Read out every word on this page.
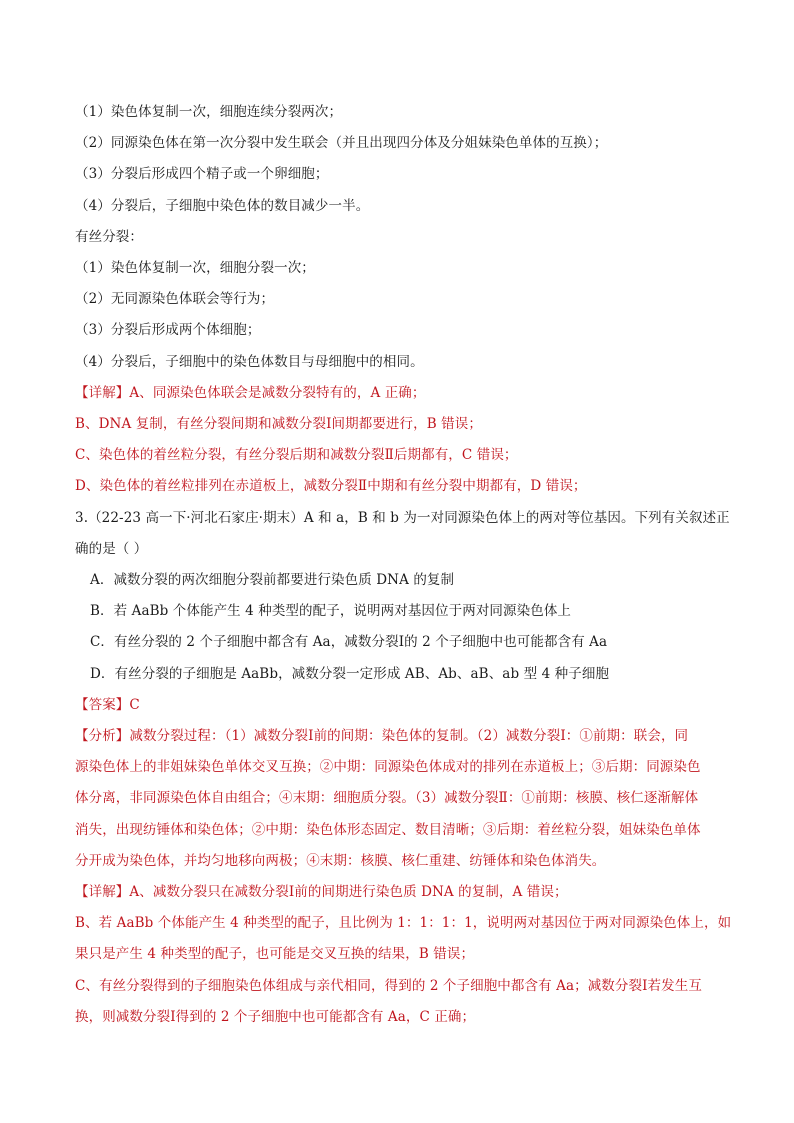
（1）染色体复制一次，细胞连续分裂两次；
（2）同源染色体在第一次分裂中发生联会（并且出现四分体及分姐妹染色单体的互换）；
（3）分裂后形成四个精子或一个卵细胞；
（4）分裂后，子细胞中染色体的数目减少一半。
有丝分裂：
（1）染色体复制一次，细胞分裂一次；
（2）无同源染色体联会等行为；
（3）分裂后形成两个体细胞；
（4）分裂后，子细胞中的染色体数目与母细胞中的相同。
【详解】A、同源染色体联会是减数分裂特有的，A 正确；
B、DNA 复制，有丝分裂间期和减数分裂Ⅰ间期都要进行，B 错误；
C、染色体的着丝粒分裂，有丝分裂后期和减数分裂Ⅱ后期都有，C 错误；
D、染色体的着丝粒排列在赤道板上，减数分裂Ⅱ中期和有丝分裂中期都有，D 错误；
3.（22-23 高一下·河北石家庄·期末）A 和 a，B 和 b 为一对同源染色体上的两对等位基因。下列有关叙述正
确的是（ ）
A．减数分裂的两次细胞分裂前都要进行染色质 DNA 的复制
B．若 AaBb 个体能产生 4 种类型的配子，说明两对基因位于两对同源染色体上
C．有丝分裂的 2 个子细胞中都含有 Aa，减数分裂Ⅰ的 2 个子细胞中也可能都含有 Aa
D．有丝分裂的子细胞是 AaBb，减数分裂一定形成 AB、Ab、aB、ab 型 4 种子细胞
【答案】C
【分析】减数分裂过程：（1）减数分裂Ⅰ前的间期：染色体的复制。（2）减数分裂Ⅰ：①前期：联会，同
源染色体上的非姐妹染色单体交叉互换；②中期：同源染色体成对的排列在赤道板上；③后期：同源染色
体分离，非同源染色体自由组合；④末期：细胞质分裂。（3）减数分裂Ⅱ：①前期：核膜、核仁逐渐解体
消失，出现纺锤体和染色体；②中期：染色体形态固定、数目清晰；③后期：着丝粒分裂，姐妹染色单体
分开成为染色体，并均匀地移向两极；④末期：核膜、核仁重建、纺锤体和染色体消失。
【详解】A、减数分裂只在减数分裂Ⅰ前的间期进行染色质 DNA 的复制，A 错误；
B、若 AaBb 个体能产生 4 种类型的配子，且比例为 1：1：1：1，说明两对基因位于两对同源染色体上，如
果只是产生 4 种类型的配子，也可能是交叉互换的结果，B 错误；
C、有丝分裂得到的子细胞染色体组成与亲代相同，得到的 2 个子细胞中都含有 Aa；减数分裂Ⅰ若发生互
换，则减数分裂Ⅰ得到的 2 个子细胞中也可能都含有 Aa，C 正确；
